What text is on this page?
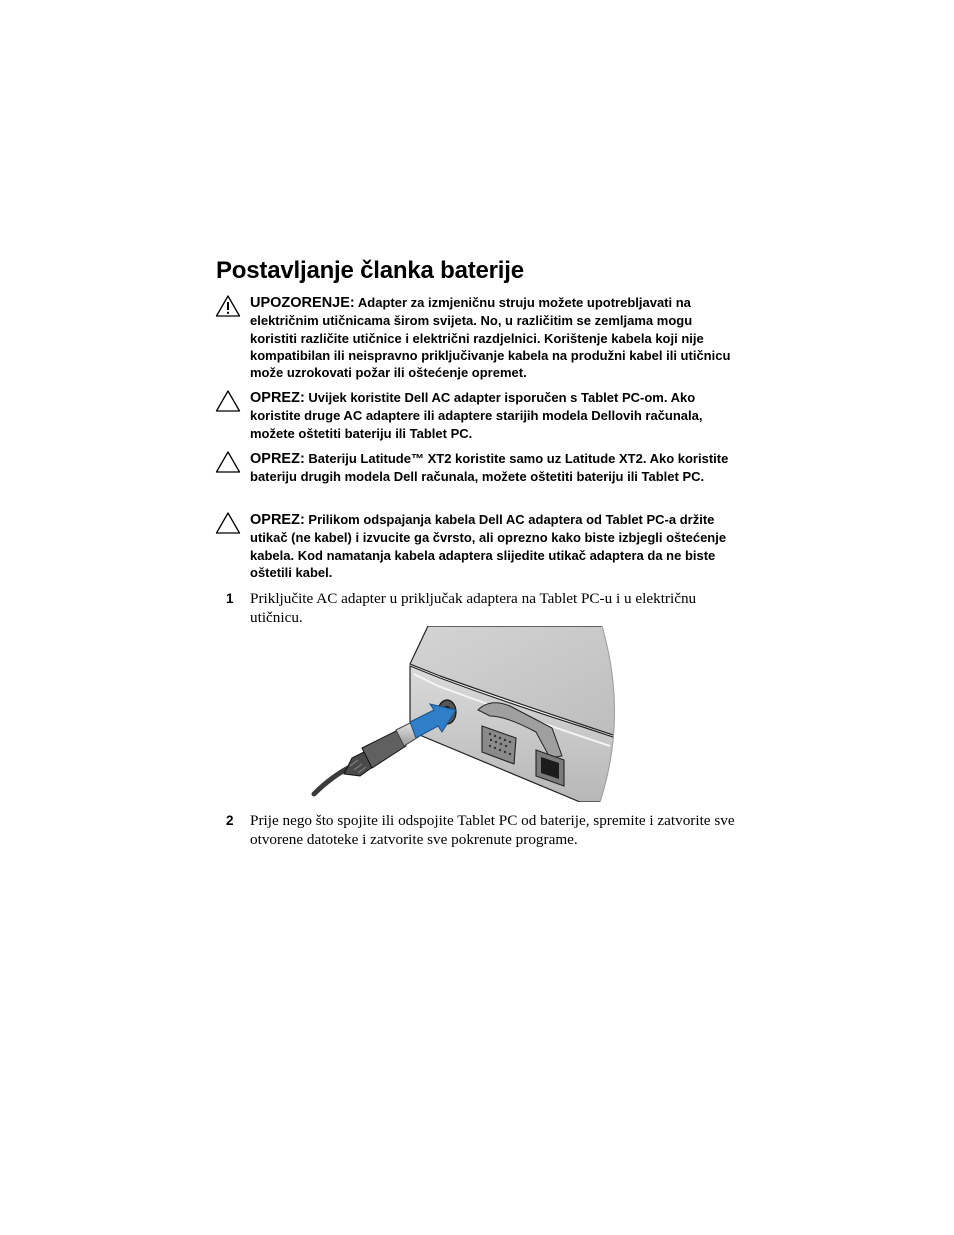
Postavljanje članka baterije
UPOZORENJE: Adapter za izmjeničnu struju možete upotrebljavati na električnim utičnicama širom svijeta. No, u različitim se zemljama mogu koristiti različite utičnice i električni razdjelnici. Korištenje kabela koji nije kompatibilan ili neispravno priključivanje kabela na produžni kabel ili utičnicu može uzrokovati požar ili oštećenje opremet.
OPREZ: Uvijek koristite Dell AC adapter isporučen s Tablet PC-om. Ako koristite druge AC adaptere ili adaptere starijih modela Dellovih računala, možete oštetiti bateriju ili Tablet PC.
OPREZ: Bateriju Latitude™ XT2 koristite samo uz Latitude XT2. Ako koristite bateriju drugih modela Dell računala, možete oštetiti bateriju ili Tablet PC.
OPREZ: Prilikom odspajanja kabela Dell AC adaptera od Tablet PC-a držite utikač (ne kabel) i izvucite ga čvrsto, ali oprezno kako biste izbjegli oštećenje kabela. Kod namatanja kabela adaptera slijedite utikač adaptera da ne biste oštetili kabel.
1 Priključite AC adapter u priključak adaptera na Tablet PC-u i u električnu utičnicu.
2 Prije nego što spojite ili odspojite Tablet PC od baterije, spremite i zatvorite sve otvorene datoteke i zatvorite sve pokrenute programe.
